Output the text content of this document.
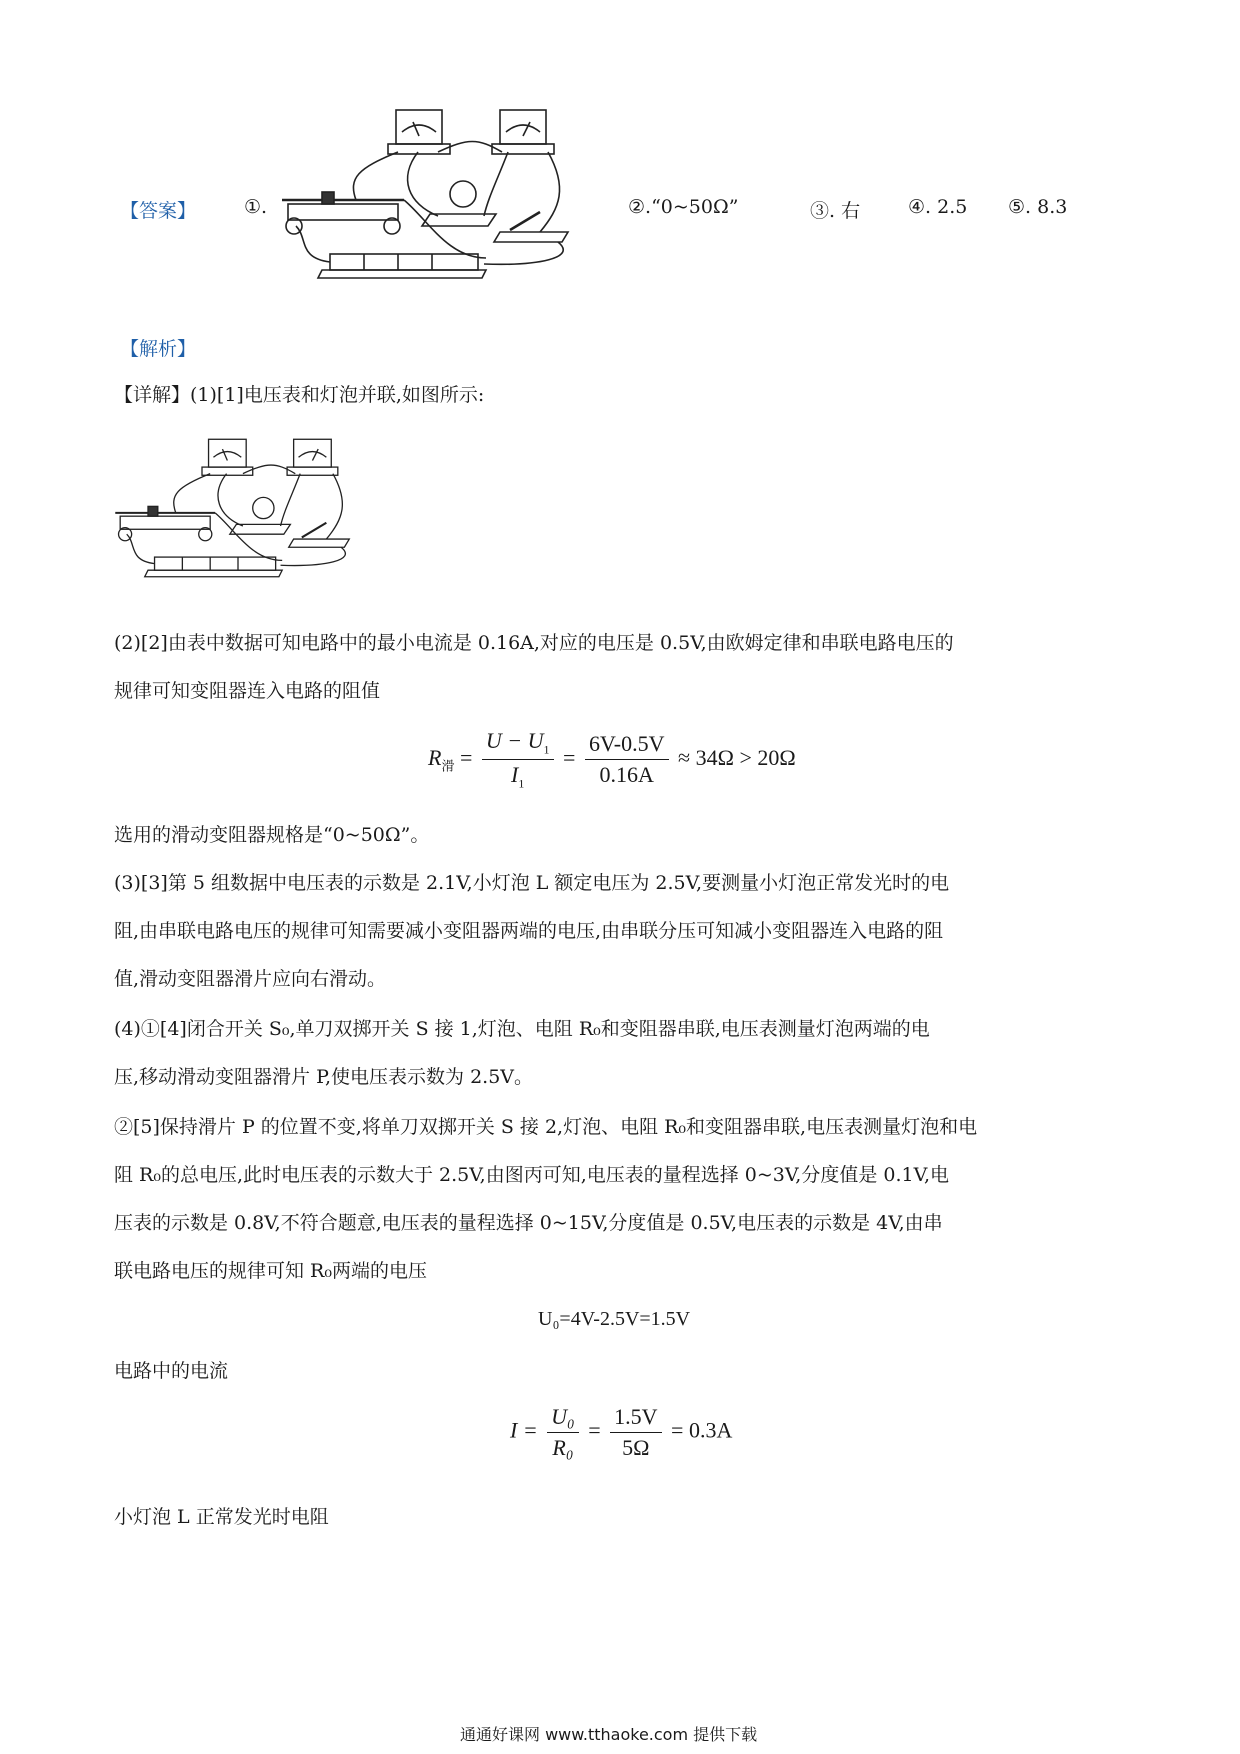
【答案】	①.	②.“0~50Ω”	③. 右	④. 2.5 ⑤. 8.3
【解析】
【详解】(1)[1]电压表和灯泡并联,如图所示:
(2)[2]由表中数据可知电路中的最小电流是 0.16A,对应的电压是 0.5V,由欧姆定律和串联电路电压的
规律可知变阻器连入电路的阻值
$R_滑 = \frac{U - U_1}{I_1} = \frac{6V-0.5V}{0.16A} \approx 34\Omega > 20\Omega$
选用的滑动变阻器规格是“0~50Ω”。
(3)[3]第 5 组数据中电压表的示数是 2.1V,小灯泡 L 额定电压为 2.5V,要测量小灯泡正常发光时的电
阻,由串联电路电压的规律可知需要减小变阻器两端的电压,由串联分压可知减小变阻器连入电路的阻
值,滑动变阻器滑片应向右滑动。
(4)①[4]闭合开关 S₀,单刀双掷开关 S 接 1,灯泡、电阻 R₀和变阻器串联,电压表测量灯泡两端的电
压,移动滑动变阻器滑片 P,使电压表示数为 2.5V。
②[5]保持滑片 P 的位置不变,将单刀双掷开关 S 接 2,灯泡、电阻 R₀和变阻器串联,电压表测量灯泡和电
阻 R₀的总电压,此时电压表的示数大于 2.5V,由图丙可知,电压表的量程选择 0~3V,分度值是 0.1V,电
压表的示数是 0.8V,不符合题意,电压表的量程选择 0~15V,分度值是 0.5V,电压表的示数是 4V,由串
联电路电压的规律可知 R₀两端的电压
U₀=4V-2.5V=1.5V
电路中的电流
$I = \frac{\text{U₀}}{\text{R₀}} = \frac{1.5V}{5\Omega} = 0.3A$
小灯泡 L 正常发光时电阻
通通好课网 www.tthaoke.com 提供下载
